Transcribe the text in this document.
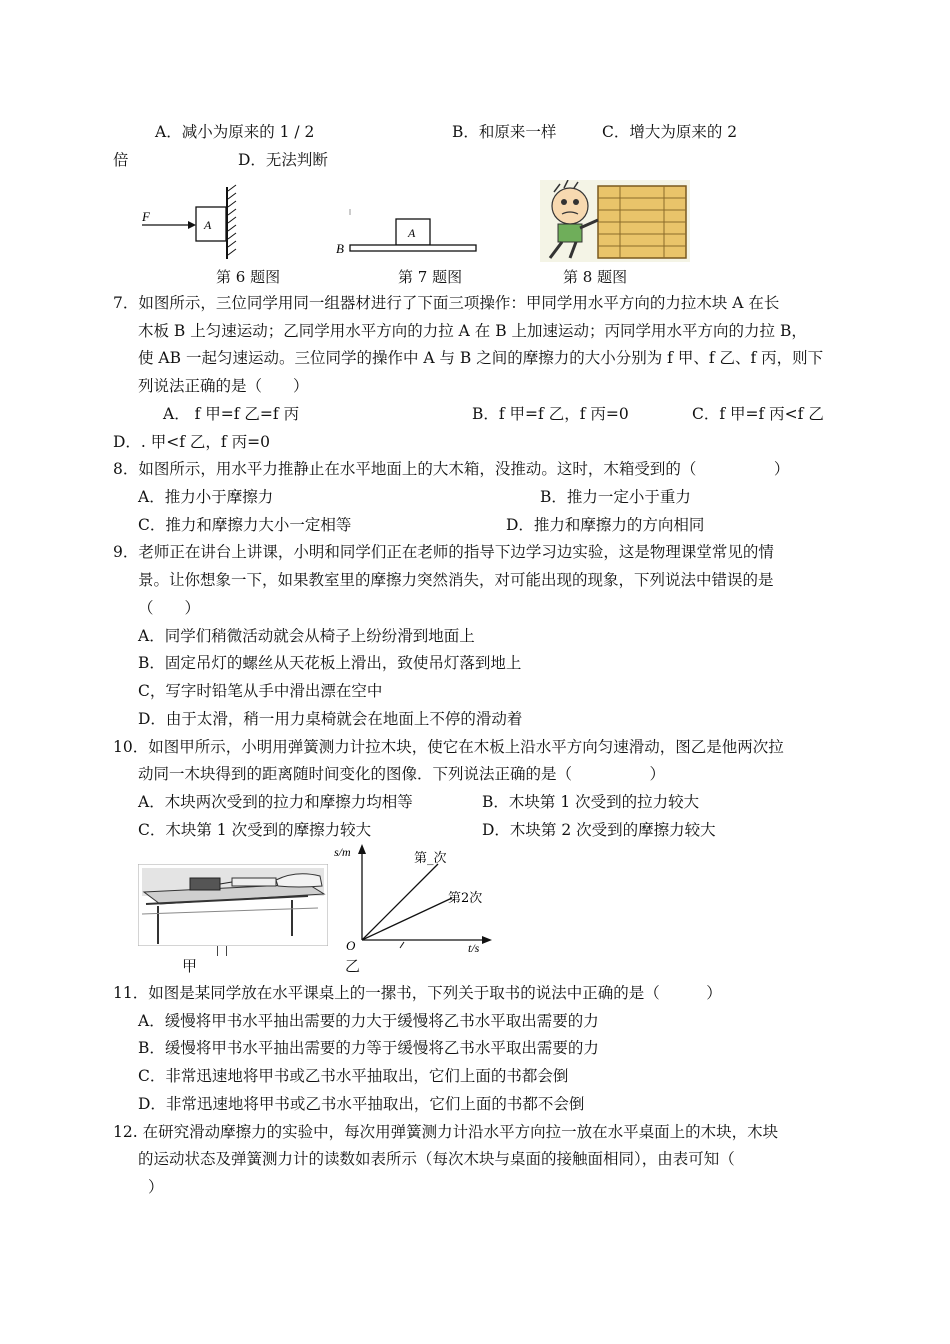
A．减小为原来的 1 / 2	B．和原来一样	C．增大为原来的 2
倍	D．无法判断
F
A
A
B
第 6 题图	第 7 题图	第 8 题图
7．如图所示，三位同学用同一组器材进行了下面三项操作：甲同学用水平方向的力拉木块 A 在长
木板 B 上匀速运动；乙同学用水平方向的力拉 A 在 B 上加速运动；丙同学用水平方向的力拉 B，
使 AB 一起匀速运动。三位同学的操作中 A 与 B 之间的摩擦力的大小分别为 f 甲、f 乙、f 丙，则下
列说法正确的是（　　）
A． f 甲=f 乙=f 丙	B．f 甲=f 乙，f 丙=0	C．f 甲=f 丙<f 乙
D．. 甲<f 乙，f 丙=0
8．如图所示，用水平力推静止在水平地面上的大木箱，没推动。这时，木箱受到的（　　　　　）
A．推力小于摩擦力	B．推力一定小于重力
C．推力和摩擦力大小一定相等	D．推力和摩擦力的方向相同
9．老师正在讲台上讲课，小明和同学们正在老师的指导下边学习边实验，这是物理课堂常见的情
景。让你想象一下，如果教室里的摩擦力突然消失，对可能出现的现象，下列说法中错误的是
（　　）
A．同学们稍微活动就会从椅子上纷纷滑到地面上
B．固定吊灯的螺丝从天花板上滑出，致使吊灯落到地上
C，写字时铅笔从手中滑出漂在空中
D．由于太滑，稍一用力桌椅就会在地面上不停的滑动着
10．如图甲所示，小明用弹簧测力计拉木块，使它在木板上沿水平方向匀速滑动，图乙是他两次拉
动同一木块得到的距离随时间变化的图像．下列说法正确的是（　　　　　）
A．木块两次受到的拉力和摩擦力均相等	B．木块第 1 次受到的拉力较大
C．木块第 1 次受到的摩擦力较大	D．木块第 2 次受到的摩擦力较大
s/m
t/s
O
第_次
第2次
甲	乙
11．如图是某同学放在水平课桌上的一摞书，下列关于取书的说法中正确的是（　　　）
A．缓慢将甲书水平抽出需要的力大于缓慢将乙书水平取出需要的力
B．缓慢将甲书水平抽出需要的力等于缓慢将乙书水平取出需要的力
C．非常迅速地将甲书或乙书水平抽取出，它们上面的书都会倒
D．非常迅速地将甲书或乙书水平抽取出，它们上面的书都不会倒
12. 在研究滑动摩擦力的实验中，每次用弹簧测力计沿水平方向拉一放在水平桌面上的木块，木块
的运动状态及弹簧测力计的读数如表所示（每次木块与桌面的接触面相同），由表可知（
）
